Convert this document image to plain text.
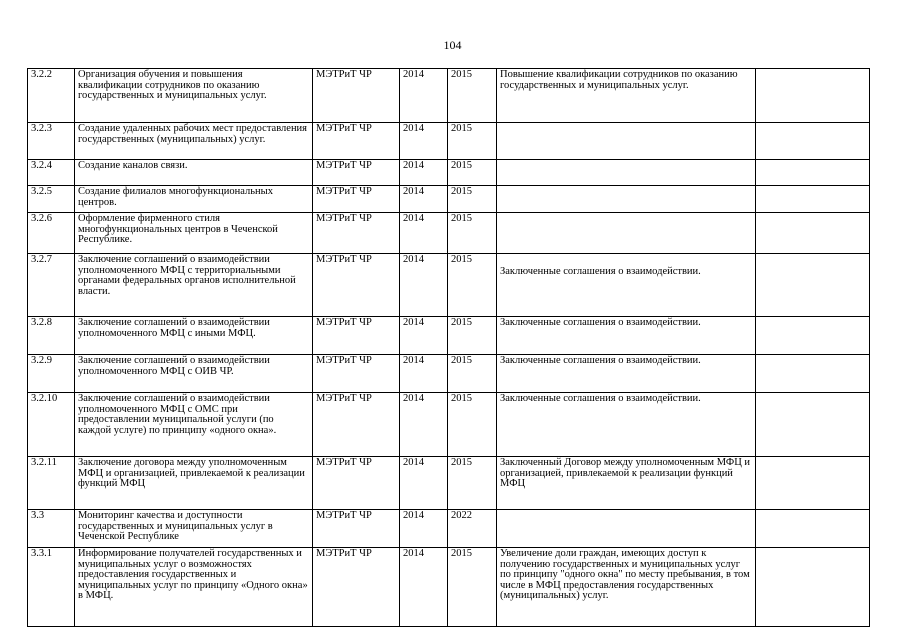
104
3.2.2	Организация обучения и повышения квалификации сотрудников по оказанию государственных и муниципальных услуг.	МЭТРиТ ЧР	2014	2015	Повышение квалификации сотрудников по оказанию государственных и муниципальных услуг.	
3.2.3	Создание удаленных рабочих мест предоставления государственных (муниципальных) услуг.	МЭТРиТ ЧР	2014	2015		
3.2.4	Создание каналов связи.	МЭТРиТ ЧР	2014	2015		
3.2.5	Создание филиалов многофункциональных центров.	МЭТРиТ ЧР	2014	2015		
3.2.6	Оформление фирменного стиля многофункциональных центров в Чеченской Республике.	МЭТРиТ ЧР	2014	2015		
3.2.7	Заключение соглашений о взаимодействии уполномоченного МФЦ с территориальными органами федеральных органов исполнительной власти.	МЭТРиТ ЧР	2014	2015	Заключенные соглашения о взаимодействии.	

3.2.8	Заключение соглашений о взаимодействии уполномоченного МФЦ с иными МФЦ.	МЭТРиТ ЧР	2014	2015	Заключенные соглашения о взаимодействии.	
3.2.9	Заключение соглашений о взаимодействии уполномоченного МФЦ с ОИВ ЧР.	МЭТРиТ ЧР	2014	2015	Заключенные соглашения о взаимодействии.	
3.2.10	Заключение соглашений о взаимодействии уполномоченного МФЦ с ОМС при предоставлении муниципальной услуги (по каждой услуге) по принципу «одного окна».	МЭТРиТ ЧР	2014	2015	Заключенные соглашения о взаимодействии.	
3.2.11	Заключение договора между уполномоченным МФЦ и организацией, привлекаемой к реализации функций МФЦ	МЭТРиТ ЧР	2014	2015	Заключенный Договор между уполномоченным МФЦ и организацией, привлекаемой к реализации функций МФЦ	
3.3	Мониторинг качества и доступности государственных и муниципальных услуг в Чеченской Республике	МЭТРиТ ЧР	2014	2022		
3.3.1	Информирование получателей государственных и муниципальных услуг о возможностях предоставления государственных и муниципальных услуг по принципу «Одного окна» в МФЦ.	МЭТРиТ ЧР	2014	2015	Увеличение доли граждан, имеющих доступ к получению государственных и муниципальных услуг по принципу "одного окна" по месту пребывания, в том числе в МФЦ предоставления государственных (муниципальных) услуг.	
